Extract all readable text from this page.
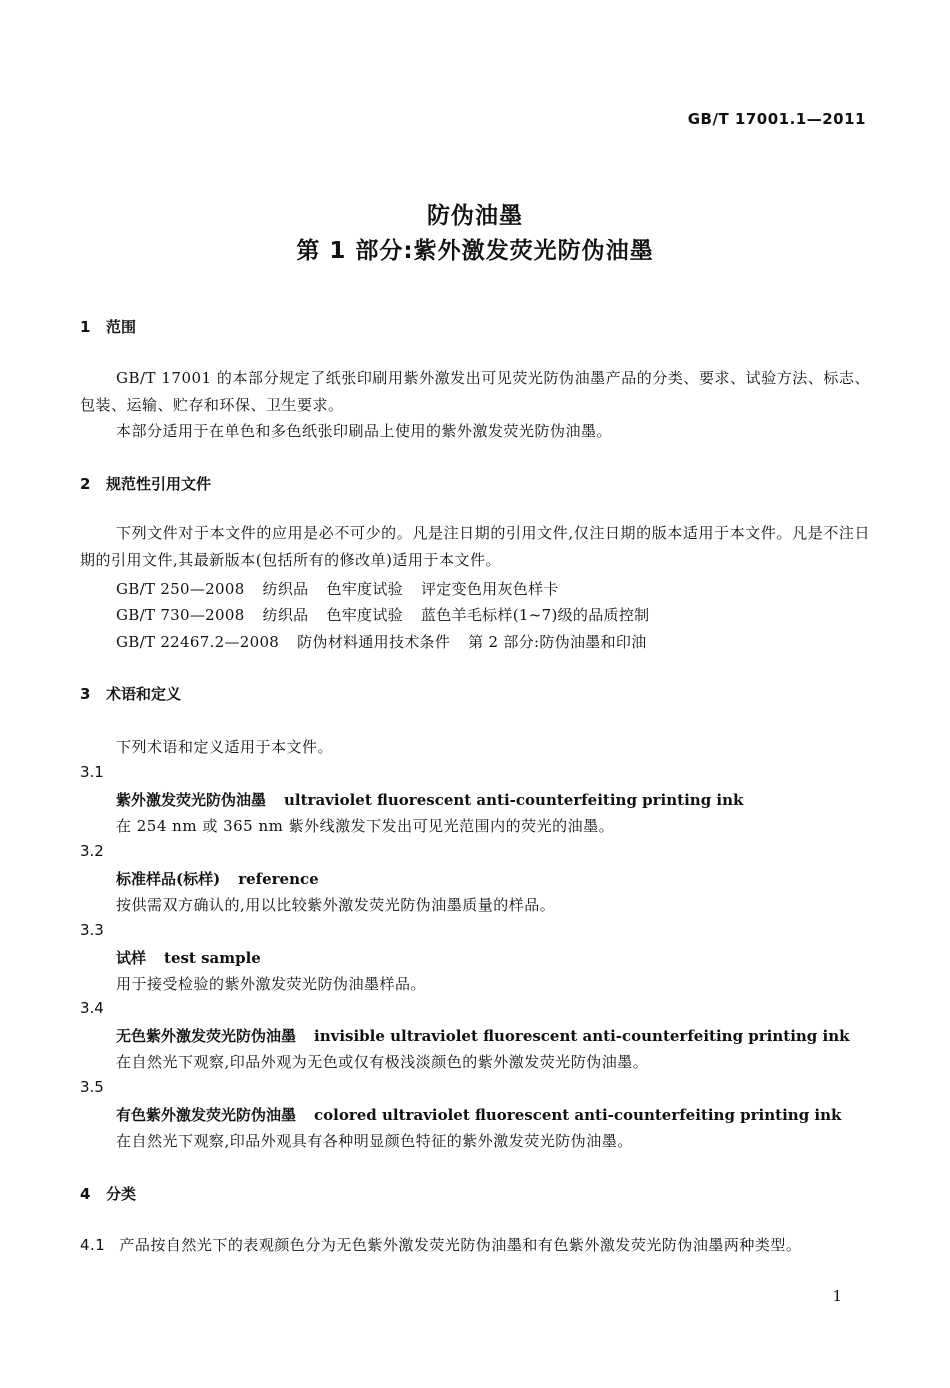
GB/T 17001.1—2011
防伪油墨
第 1 部分:紫外激发荧光防伪油墨
1 范围
GB/T 17001 的本部分规定了纸张印刷用紫外激发出可见荧光防伪油墨产品的分类、要求、试验方法、标志、包装、运输、贮存和环保、卫生要求。
本部分适用于在单色和多色纸张印刷品上使用的紫外激发荧光防伪油墨。
2 规范性引用文件
下列文件对于本文件的应用是必不可少的。凡是注日期的引用文件,仅注日期的版本适用于本文件。凡是不注日期的引用文件,其最新版本(包括所有的修改单)适用于本文件。
GB/T 250—2008 纺织品 色牢度试验 评定变色用灰色样卡
GB/T 730—2008 纺织品 色牢度试验 蓝色羊毛标样(1~7)级的品质控制
GB/T 22467.2—2008 防伪材料通用技术条件 第 2 部分:防伪油墨和印油
3 术语和定义
下列术语和定义适用于本文件。
3.1
紫外激发荧光防伪油墨 ultraviolet fluorescent anti-counterfeiting printing ink
在 254 nm 或 365 nm 紫外线激发下发出可见光范围内的荧光的油墨。
3.2
标准样品(标样) reference
按供需双方确认的,用以比较紫外激发荧光防伪油墨质量的样品。
3.3
试样 test sample
用于接受检验的紫外激发荧光防伪油墨样品。
3.4
无色紫外激发荧光防伪油墨 invisible ultraviolet fluorescent anti-counterfeiting printing ink
在自然光下观察,印品外观为无色或仅有极浅淡颜色的紫外激发荧光防伪油墨。
3.5
有色紫外激发荧光防伪油墨 colored ultraviolet fluorescent anti-counterfeiting printing ink
在自然光下观察,印品外观具有各种明显颜色特征的紫外激发荧光防伪油墨。
4 分类
4.1 产品按自然光下的表观颜色分为无色紫外激发荧光防伪油墨和有色紫外激发荧光防伪油墨两种类型。
1
